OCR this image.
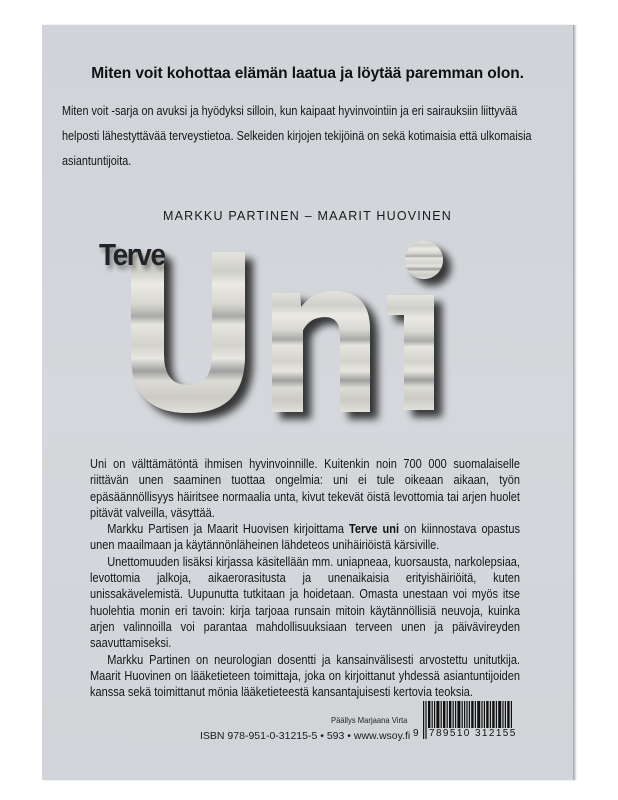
Miten voit kohottaa elämän laatua ja löytää paremman olon.
Miten voit -sarja on avuksi ja hyödyksi silloin, kun kaipaat hyvinvointiin ja eri sairauksiin liittyvää helposti lähestyttävää terveystietoa. Selkeiden kirjojen tekijöinä on sekä kotimaisia että ulkomaisia asiantuntijoita.
MARKKU PARTINEN – MAARIT HUOVINEN
Terve

Uni on välttämätöntä ihmisen hyvinvoinnille. Kuitenkin noin 700 000 suomalaiselle riittävän unen saaminen tuottaa ongelmia: uni ei tule oikeaan aikaan, työn epäsäännöllisyys häiritsee normaalia unta, kivut tekevät öistä levottomia tai arjen huolet pitävät valveilla, väsyttää.

Markku Partisen ja Maarit Huovisen kirjoittama Terve uni on kiinnostava opastus unen maailmaan ja käytännönläheinen lähdeteos unihäiriöistä kärsiville.

Unettomuuden lisäksi kirjassa käsitellään mm. uniapneaa, kuorsausta, narkolepsiaa, levottomia jalkoja, aikaerorasitusta ja unenaikaisia erityishäiriöitä, kuten unissakävelemistä. Uupunutta tutkitaan ja hoidetaan. Omasta unestaan voi myös itse huolehtia monin eri tavoin: kirja tarjoaa runsain mitoin käytännöllisiä neuvoja, kuinka arjen valinnoilla voi parantaa mahdollisuuksiaan terveen unen ja päivävireyden saavuttamiseksi.

Markku Partinen on neurologian dosentti ja kansainvälisesti arvostettu unitutkija. Maarit Huovinen on lääketieteen toimittaja, joka on kirjoittanut yhdessä asiantuntijoiden kanssa sekä toimittanut mönia lääketieteestä kansantajuisesti kertovia teoksia.

Päällys Marjaana Virta
ISBN 978-951-0-31215-5 • 593 • www.wsoy.fi 9 789510 312155
